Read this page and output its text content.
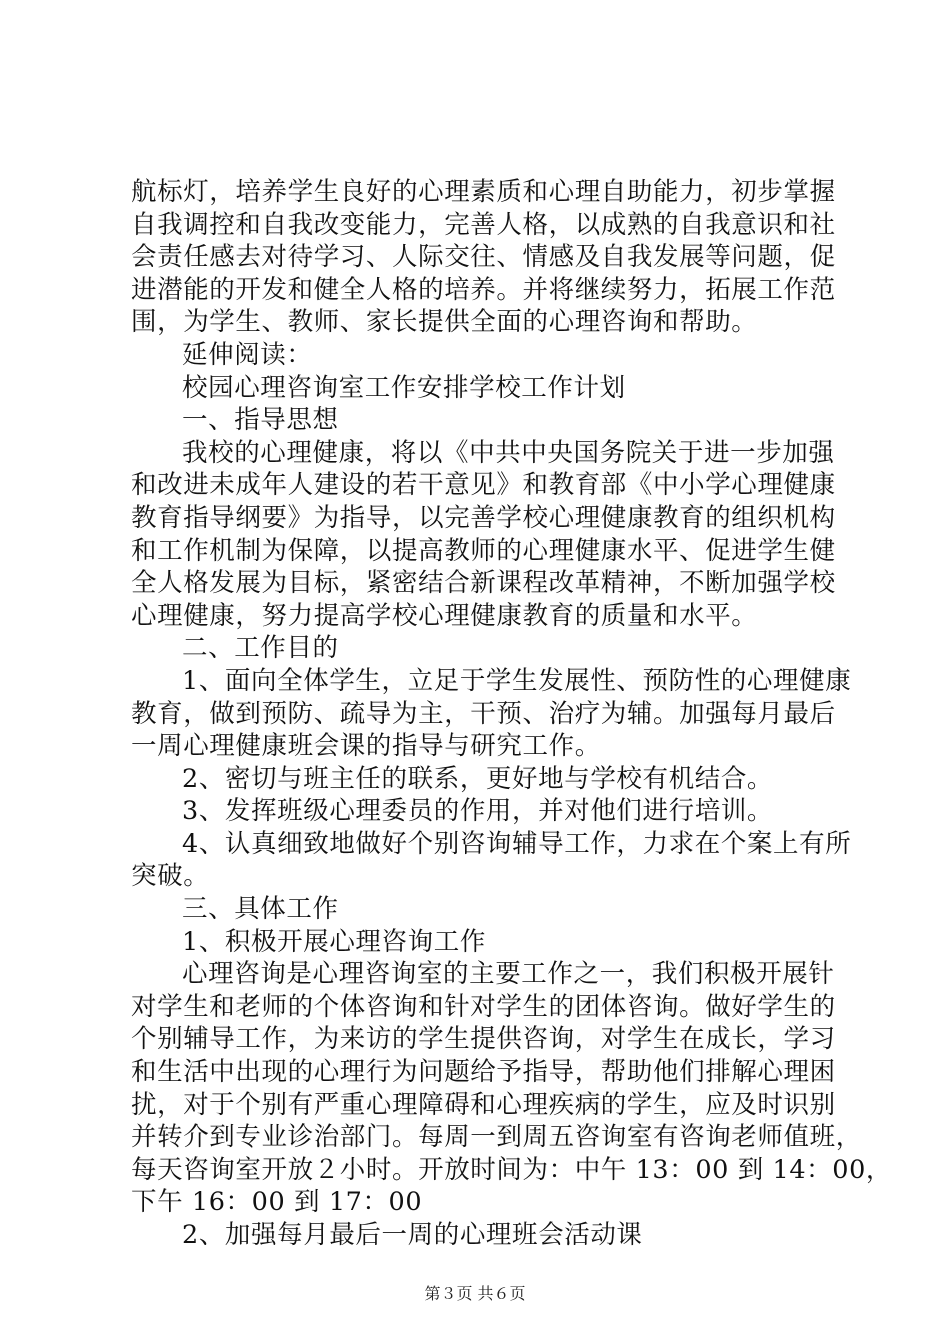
航标灯，培养学生良好的心理素质和心理自助能力，初步掌握
自我调控和自我改变能力，完善人格，以成熟的自我意识和社
会责任感去对待学习、人际交往、情感及自我发展等问题，促
进潜能的开发和健全人格的培养。并将继续努力，拓展工作范
围，为学生、教师、家长提供全面的心理咨询和帮助。
延伸阅读：
校园心理咨询室工作安排学校工作计划
一、指导思想
我校的心理健康，将以《中共中央国务院关于进一步加强
和改进未成年人建设的若干意见》和教育部《中小学心理健康
教育指导纲要》为指导，以完善学校心理健康教育的组织机构
和工作机制为保障，以提高教师的心理健康水平、促进学生健
全人格发展为目标，紧密结合新课程改革精神，不断加强学校
心理健康，努力提高学校心理健康教育的质量和水平。
二、工作目的
1、面向全体学生，立足于学生发展性、预防性的心理健康
教育，做到预防、疏导为主，干预、治疗为辅。加强每月最后
一周心理健康班会课的指导与研究工作。
2、密切与班主任的联系，更好地与学校有机结合。
3、发挥班级心理委员的作用，并对他们进行培训。
4、认真细致地做好个别咨询辅导工作，力求在个案上有所
突破。
三、具体工作
1、积极开展心理咨询工作
心理咨询是心理咨询室的主要工作之一，我们积极开展针
对学生和老师的个体咨询和针对学生的团体咨询。做好学生的
个别辅导工作，为来访的学生提供咨询，对学生在成长，学习
和生活中出现的心理行为问题给予指导，帮助他们排解心理困
扰，对于个别有严重心理障碍和心理疾病的学生，应及时识别
并转介到专业诊治部门。每周一到周五咨询室有咨询老师值班，
每天咨询室开放２小时。开放时间为：中午 13：00 到 14：00，
下午 16：00 到 17：00
2、加强每月最后一周的心理班会活动课
第３页 共６页
